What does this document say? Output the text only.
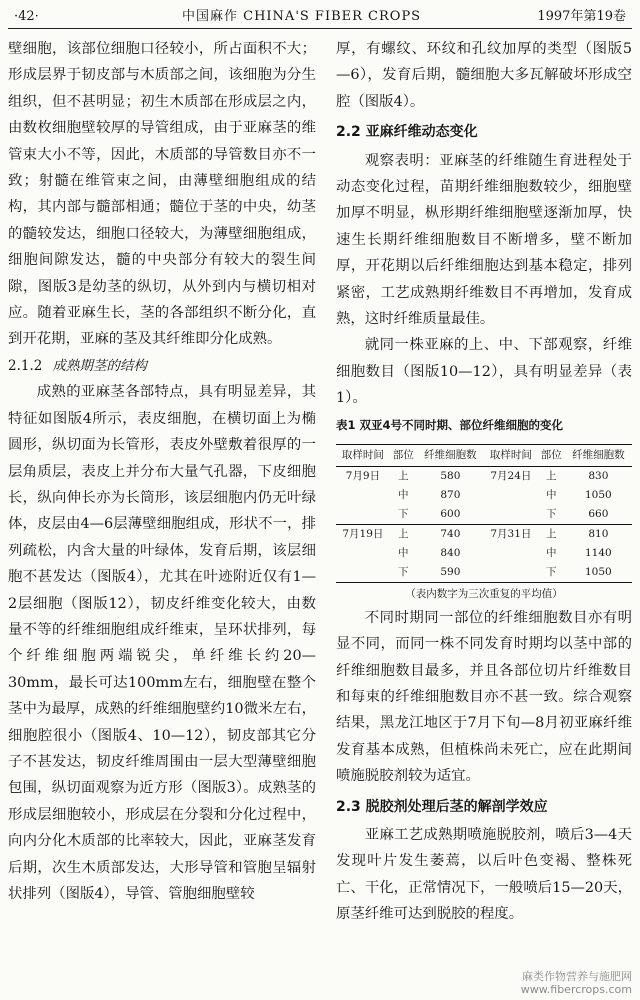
·42·	中国麻作 CHINA'S FIBER CROPS	1997年第19卷

壁细胞，该部位细胞口径较小，所占面积不大；形成层界于韧皮部与木质部之间，该细胞为分生组织，但不甚明显；初生木质部在形成层之内，由数枚细胞壁较厚的导管组成，由于亚麻茎的维管束大小不等，因此，木质部的导管数目亦不一致；射髓在维管束之间，由薄壁细胞组成的结构，其内部与髓部相通；髓位于茎的中央，幼茎的髓较发达，细胞口径较大，为薄壁细胞组成，细胞间隙发达，髓的中央部分有较大的裂生间隙，图版3是幼茎的纵切，从外到内与横切相对应。随着亚麻生长，茎的各部组织不断分化，直到开花期，亚麻的茎及其纤维即分化成熟。

2.1.2 成熟期茎的结构

成熟的亚麻茎各部特点，具有明显差异，其特征如图版4所示，表皮细胞，在横切面上为椭圆形，纵切面为长管形，表皮外壁敷着很厚的一层角质层，表皮上并分布大量气孔器，下皮细胞长，纵向伸长亦为长筒形，该层细胞内仍无叶绿体，皮层由4—6层薄壁细胞组成，形状不一，排列疏松，内含大量的叶绿体，发育后期，该层细胞不甚发达（图版4），尤其在叶迹附近仅有1—2层细胞（图版12），韧皮纤维变化较大，由数量不等的纤维细胞组成纤维束，呈环状排列，每个纤维细胞两端锐尖，单纤维长约20—30mm，最长可达100mm左右，细胞壁在整个茎中为最厚，成熟的纤维细胞壁约10微米左右，细胞腔很小（图版4、10—12），韧皮部其它分子不甚发达，韧皮纤维周围由一层大型薄壁细胞包围，纵切面观察为近方形（图版3）。成熟茎的形成层细胞较小，形成层在分裂和分化过程中，向内分化木质部的比率较大，因此，亚麻茎发育后期，次生木质部发达，大形导管和管胞呈辐射状排列（图版4），导管、管胞细胞壁较

厚，有螺纹、环纹和孔纹加厚的类型（图版5—6），发育后期，髓细胞大多瓦解破坏形成空腔（图版4）。

2.2 亚麻纤维动态变化

观察表明：亚麻茎的纤维随生育进程处于动态变化过程，苗期纤维细胞数较少，细胞壁加厚不明显，枞形期纤维细胞壁逐渐加厚，快速生长期纤维细胞数目不断增多，壁不断加厚，开花期以后纤维细胞达到基本稳定，排列紧密，工艺成熟期纤维数目不再增加，发育成熟，这时纤维质量最佳。

就同一株亚麻的上、中、下部观察，纤维细胞数目（图版10—12），具有明显差异（表1）。

表1 双亚4号不同时期、部位纤维细胞的变化
取样时间	部位	纤维细胞数	取样时间	部位	纤维细胞数
7月9日	上	580	7月24日	上	830
	中	870		中	1050
	下	600		下	660
7月19日	上	740	7月31日	上	810
	中	840		中	1140
	下	590		下	1050
（表内数字为三次重复的平均值）

不同时期同一部位的纤维细胞数目亦有明显不同，而同一株不同发育时期均以茎中部的纤维细胞数目最多，并且各部位切片纤维数目和每束的纤维细胞数目亦不甚一致。综合观察结果，黑龙江地区于7月下旬—8月初亚麻纤维发育基本成熟，但植株尚未死亡，应在此期间喷施脱胶剂较为适宜。

2.3 脱胶剂处理后茎的解剖学效应

亚麻工艺成熟期喷施脱胶剂，喷后3—4天发现叶片发生萎蔫，以后叶色变褐、整株死亡、干化，正常情况下，一般喷后15—20天，原茎纤维可达到脱胶的程度。

麻类作物营养与施肥网
www.fibercrops.com
